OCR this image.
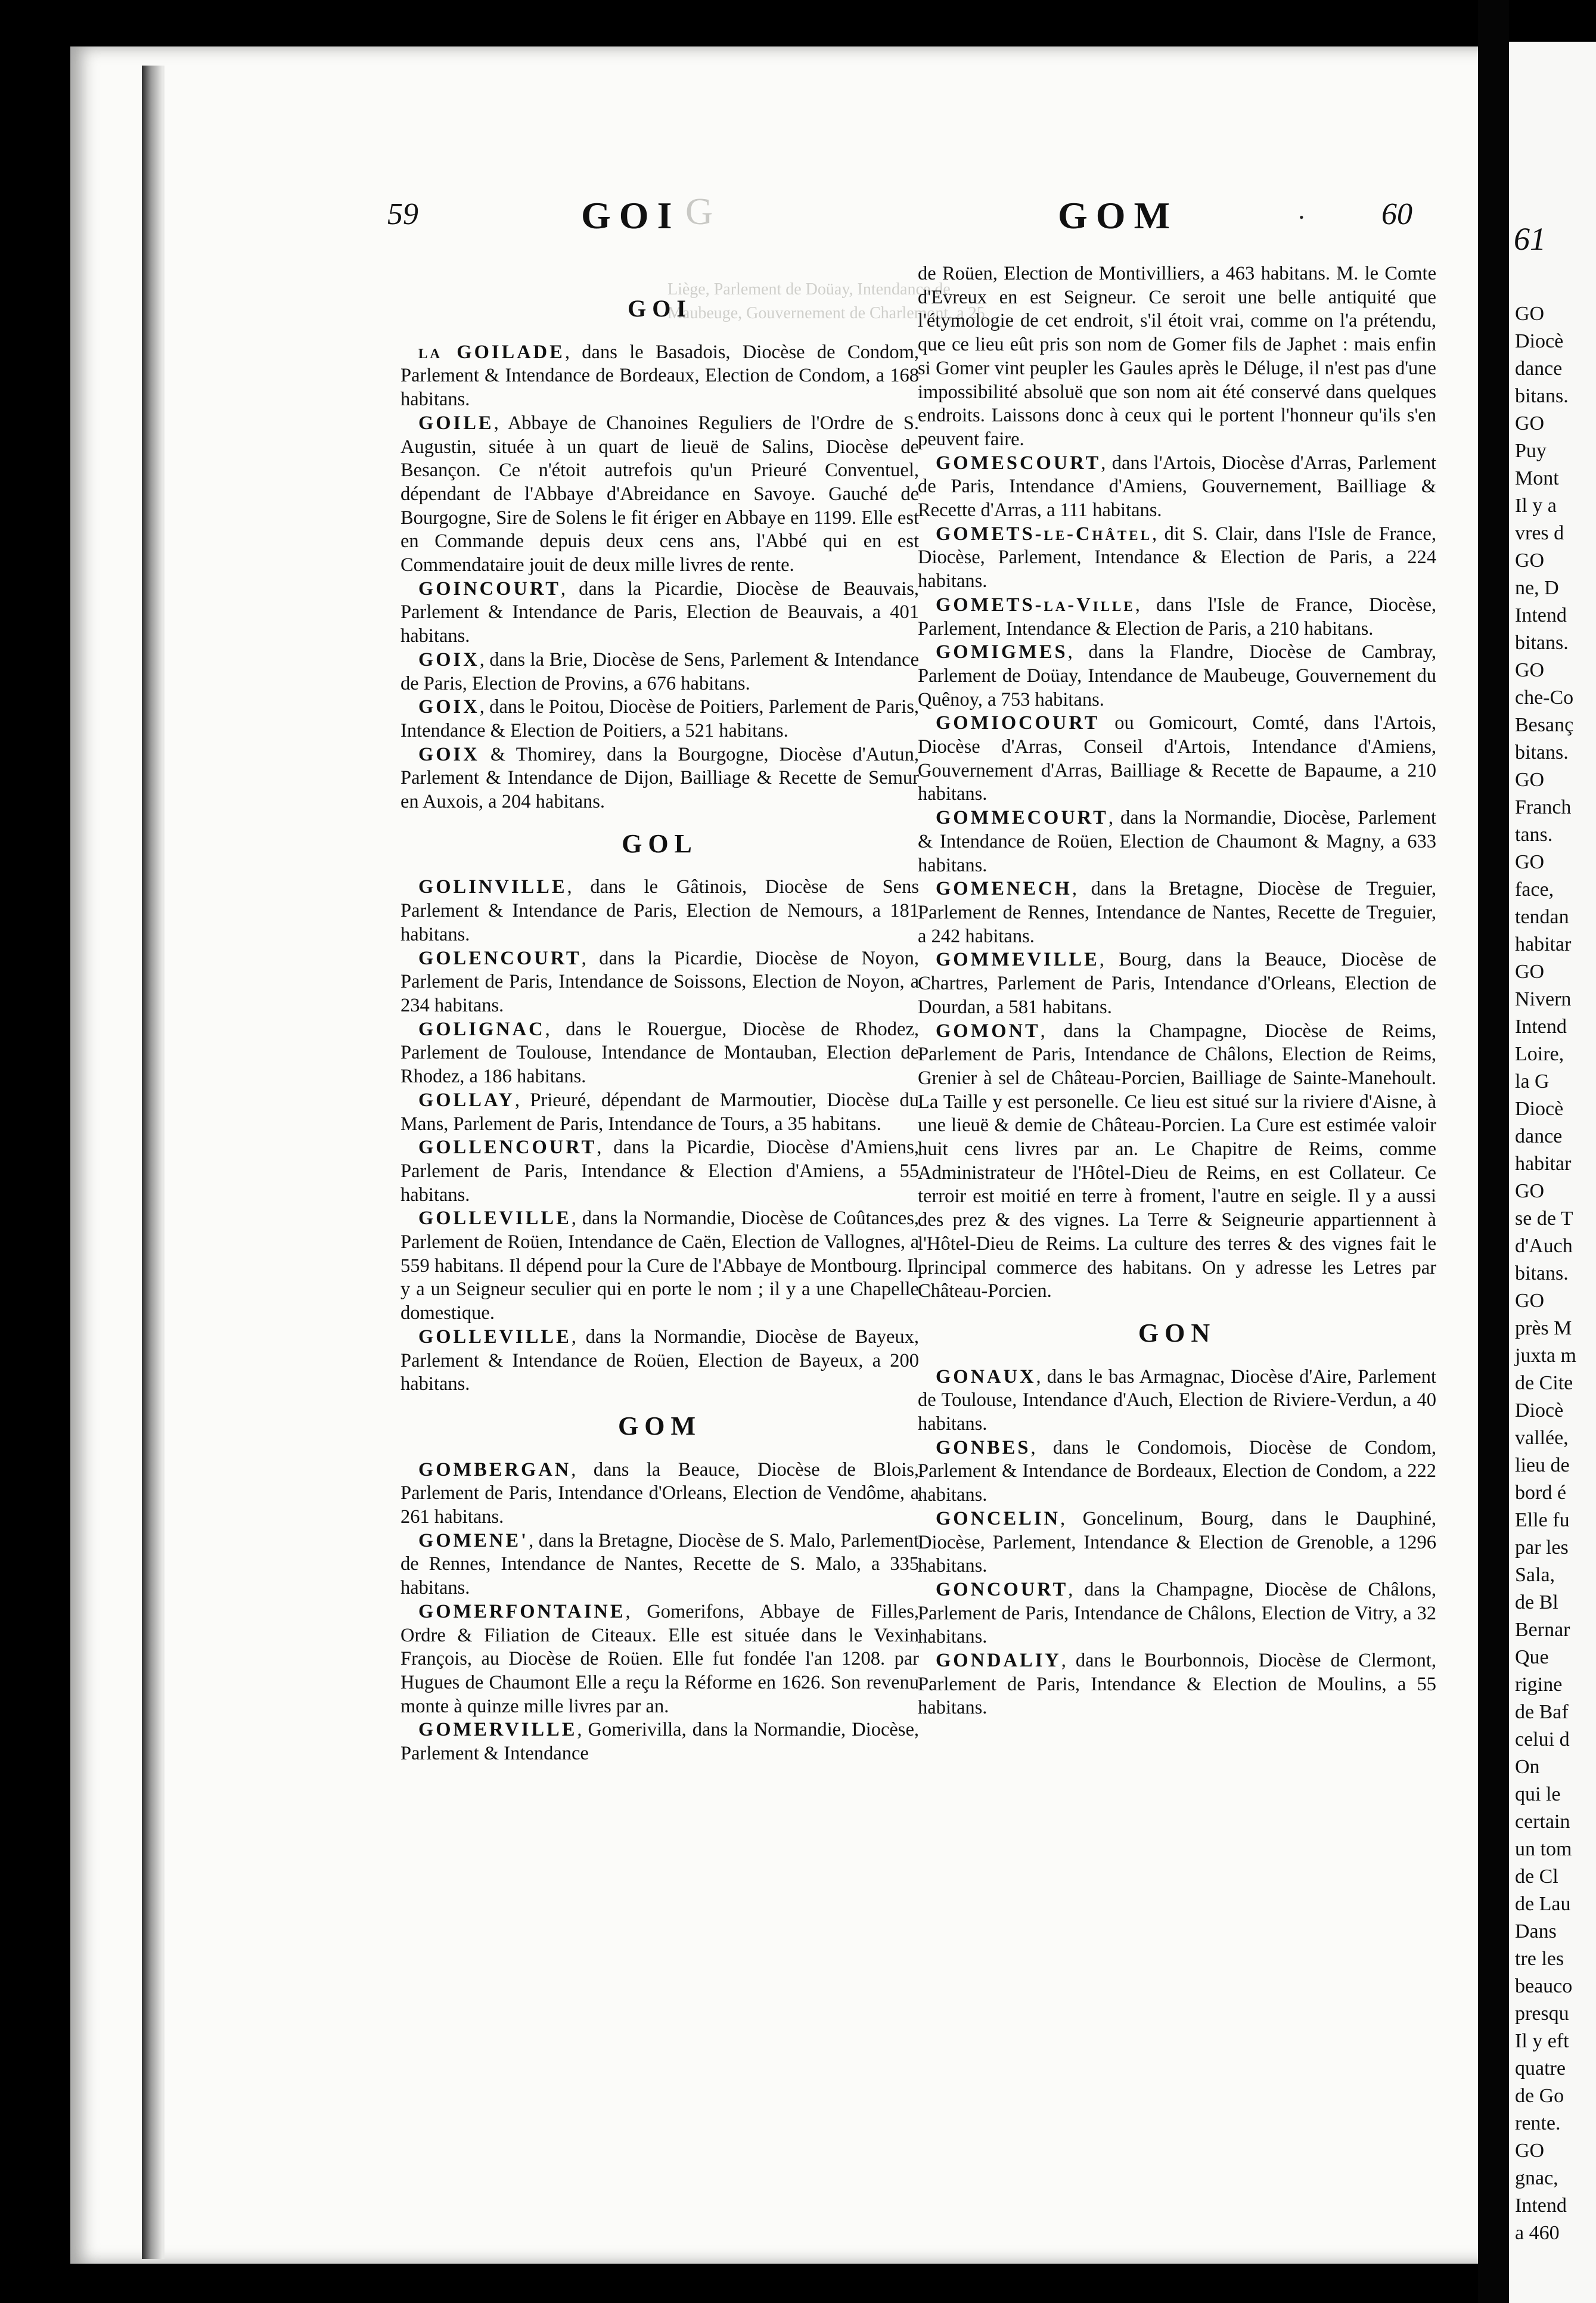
G
Liège, Parlement de Doüay, Intendance de
Maubeuge, Gouvernement de Charlemont, a 25
59	GOI	GOM	60
•
GOI

la GOILADE, dans le Basadois, Diocèse de Condom, Parlement & Intendance de Bordeaux, Election de Condom, a 168 habitans.

GOILE, Abbaye de Chanoines Reguliers de l'Ordre de S. Augustin, située à un quart de lieuë de Salins, Diocèse de Besançon. Ce n'étoit autrefois qu'un Prieuré Conventuel, dépendant de l'Abbaye d'Abreidance en Savoye. Gauché de Bourgogne, Sire de Solens le fit ériger en Abbaye en 1199. Elle est en Commande depuis deux cens ans, l'Abbé qui en est Commendataire jouit de deux mille livres de rente.

GOINCOURT, dans la Picardie, Diocèse de Beauvais, Parlement & Intendance de Paris, Election de Beauvais, a 401 habitans.

GOIX, dans la Brie, Diocèse de Sens, Parlement & Intendance de Paris, Election de Provins, a 676 habitans.

GOIX, dans le Poitou, Diocèse de Poitiers, Parlement de Paris, Intendance & Election de Poitiers, a 521 habitans.

GOIX & Thomirey, dans la Bourgogne, Diocèse d'Autun, Parlement & Intendance de Dijon, Bailliage & Recette de Semur en Auxois, a 204 habitans.

GOL

GOLINVILLE, dans le Gâtinois, Diocèse de Sens Parlement & Intendance de Paris, Election de Nemours, a 181 habitans.

GOLENCOURT, dans la Picardie, Diocèse de Noyon, Parlement de Paris, Intendance de Soissons, Election de Noyon, a 234 habitans.

GOLIGNAC, dans le Rouergue, Diocèse de Rhodez, Parlement de Toulouse, Intendance de Montauban, Election de Rhodez, a 186 habitans.

GOLLAY, Prieuré, dépendant de Marmoutier, Diocèse du Mans, Parlement de Paris, Intendance de Tours, a 35 habitans.

GOLLENCOURT, dans la Picardie, Diocèse d'Amiens, Parlement de Paris, Intendance & Election d'Amiens, a 55 habitans.

GOLLEVILLE, dans la Normandie, Diocèse de Coûtances, Parlement de Roüen, Intendance de Caën, Election de Vallognes, a 559 habitans. Il dépend pour la Cure de l'Abbaye de Montbourg. Il y a un Seigneur seculier qui en porte le nom ; il y a une Chapelle domestique.

GOLLEVILLE, dans la Normandie, Diocèse de Bayeux, Parlement & Intendance de Roüen, Election de Bayeux, a 200 habitans.

GOM

GOMBERGAN, dans la Beauce, Diocèse de Blois, Parlement de Paris, Intendance d'Orleans, Election de Vendôme, a 261 habitans.

GOMENE', dans la Bretagne, Diocèse de S. Malo, Parlement de Rennes, Intendance de Nantes, Recette de S. Malo, a 335 habitans.

GOMERFONTAINE, Gomerifons, Abbaye de Filles, Ordre & Filiation de Citeaux. Elle est située dans le Vexin François, au Diocèse de Roüen. Elle fut fondée l'an 1208. par Hugues de Chaumont Elle a reçu la Réforme en 1626. Son revenu monte à quinze mille livres par an.

GOMERVILLE, Gomerivilla, dans la Normandie, Diocèse, Parlement & Intendance

de Roüen, Election de Montivilliers, a 463 habitans. M. le Comte d'Evreux en est Seigneur. Ce seroit une belle antiquité que l'étymologie de cet endroit, s'il étoit vrai, comme on l'a prétendu, que ce lieu eût pris son nom de Gomer fils de Japhet : mais enfin si Gomer vint peupler les Gaules après le Déluge, il n'est pas d'une impossibilité absoluë que son nom ait été conservé dans quelques endroits. Laissons donc à ceux qui le portent l'honneur qu'ils s'en peuvent faire.

GOMESCOURT, dans l'Artois, Diocèse d'Arras, Parlement de Paris, Intendance d'Amiens, Gouvernement, Bailliage & Recette d'Arras, a 111 habitans.

GOMETS-le-Châtel, dit S. Clair, dans l'Isle de France, Diocèse, Parlement, Intendance & Election de Paris, a 224 habitans.

GOMETS-la-Ville, dans l'Isle de France, Diocèse, Parlement, Intendance & Election de Paris, a 210 habitans.

GOMIGMES, dans la Flandre, Diocèse de Cambray, Parlement de Doüay, Intendance de Maubeuge, Gouvernement du Quênoy, a 753 habitans.

GOMIOCOURT ou Gomicourt, Comté, dans l'Artois, Diocèse d'Arras, Conseil d'Artois, Intendance d'Amiens, Gouvernement d'Arras, Bailliage & Recette de Bapaume, a 210 habitans.

GOMMECOURT, dans la Normandie, Diocèse, Parlement & Intendance de Roüen, Election de Chaumont & Magny, a 633 habitans.

GOMENECH, dans la Bretagne, Diocèse de Treguier, Parlement de Rennes, Intendance de Nantes, Recette de Treguier, a 242 habitans.

GOMMEVILLE, Bourg, dans la Beauce, Diocèse de Chartres, Parlement de Paris, Intendance d'Orleans, Election de Dourdan, a 581 habitans.

GOMONT, dans la Champagne, Diocèse de Reims, Parlement de Paris, Intendance de Châlons, Election de Reims, Grenier à sel de Château-Porcien, Bailliage de Sainte-Manehoult. La Taille y est personelle. Ce lieu est situé sur la riviere d'Aisne, à une lieuë & demie de Château-Porcien. La Cure est estimée valoir huit cens livres par an. Le Chapitre de Reims, comme Administrateur de l'Hôtel-Dieu de Reims, en est Collateur. Ce terroir est moitié en terre à froment, l'autre en seigle. Il y a aussi des prez & des vignes. La Terre & Seigneurie appartiennent à l'Hôtel-Dieu de Reims. La culture des terres & des vignes fait le principal commerce des habitans. On y adresse les Letres par Château-Porcien.

GON

GONAUX, dans le bas Armagnac, Diocèse d'Aire, Parlement de Toulouse, Intendance d'Auch, Election de Riviere-Verdun, a 40 habitans.

GONBES, dans le Condomois, Diocèse de Condom, Parlement & Intendance de Bordeaux, Election de Condom, a 222 habitans.

GONCELIN, Goncelinum, Bourg, dans le Dauphiné, Diocèse, Parlement, Intendance & Election de Grenoble, a 1296 habitans.

GONCOURT, dans la Champagne, Diocèse de Châlons, Parlement de Paris, Intendance de Châlons, Election de Vitry, a 32 habitans.

GONDALIY, dans le Bourbonnois, Diocèse de Clermont, Parlement de Paris, Intendance & Election de Moulins, a 55 habitans.

61
GO
Diocè
dance
bitans.
GO
Puy
Mont
Il y a
vres d
GO
ne, D
Intend
bitans.
GO
che-Co
Besanç
bitans.
GO
Franch
tans.
GO
face,
tendan
habitar
GO
Nivern
Intend
Loire,
la G
Diocè
dance
habitar
GO
se de T
d'Auch
bitans.
GO
près M
juxta m
de Cite
Diocè
vallée,
lieu de
bord é
Elle fu
par les
Sala,
de Bl
Bernar
Que
rigine
de Baf
celui d
On
qui le
certain
un tom
de Cl
de Lau
Dans
tre les
beauco
presqu
Il y eft
quatre
de Go
rente.
GO
gnac,
Intend
a 460
